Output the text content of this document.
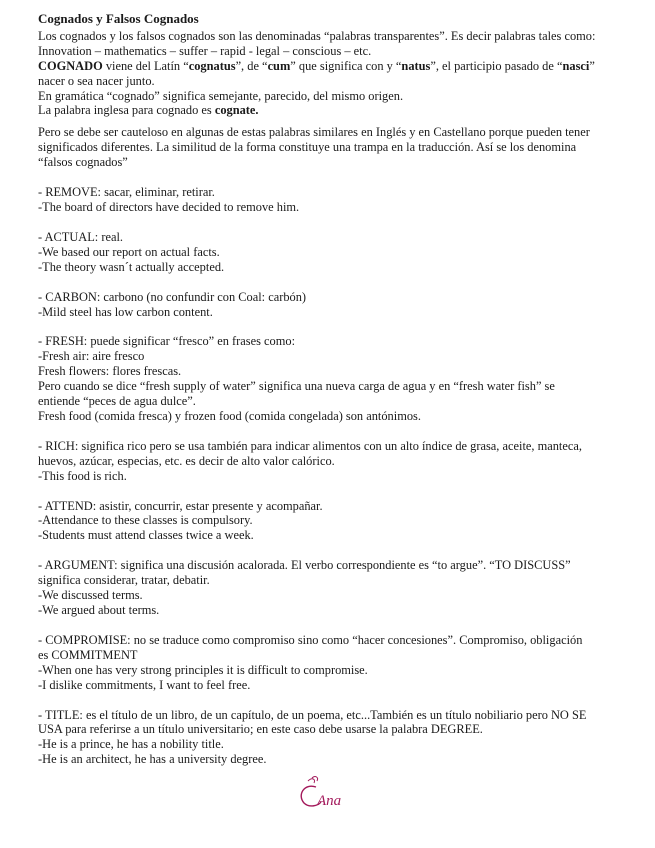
Cognados y Falsos Cognados
Los cognados y los falsos cognados son las denominadas “palabras transparentes”. Es decir palabras tales como:
Innovation – mathematics – suffer – rapid - legal – conscious – etc.
COGNADO viene del Latín “cognatus”, de “cum” que significa con y “natus”, el participio pasado de “nasci”
nacer o sea nacer junto.
En gramática “cognado” significa semejante, parecido, del mismo origen.
La palabra inglesa para cognado es cognate.
Pero se debe ser cauteloso en algunas de estas palabras similares en Inglés y en Castellano porque pueden tener
significados diferentes. La similitud de la forma constituye una trampa en la traducción. Así se los denomina
“falsos cognados”
- REMOVE: sacar, eliminar, retirar.
-The board of directors have decided to remove him.
- ACTUAL: real.
-We based our report on actual facts.
-The theory wasn´t actually accepted.
- CARBON: carbono (no confundir con Coal: carbón)
-Mild steel has low carbon content.
- FRESH: puede significar “fresco” en frases como:
-Fresh air: aire fresco
Fresh flowers: flores frescas.
Pero cuando se dice “fresh supply of water” significa una nueva carga de agua y en “fresh water fish” se
entiende “peces de agua dulce”.
Fresh food (comida fresca) y frozen food (comida congelada) son antónimos.
- RICH: significa rico pero se usa también para indicar alimentos con un alto índice de grasa, aceite, manteca,
huevos, azúcar, especias, etc. es decir de alto valor calórico.
-This food is rich.
- ATTEND: asistir, concurrir, estar presente y acompañar.
-Attendance to these classes is compulsory.
-Students must attend classes twice a week.
- ARGUMENT: significa una discusión acalorada. El verbo correspondiente es “to argue”. “TO DISCUSS”
significa considerar, tratar, debatir.
-We discussed terms.
-We argued about terms.
- COMPROMISE: no se traduce como compromiso sino como “hacer concesiones”. Compromiso, obligación
es COMMITMENT
-When one has very strong principles it is difficult to compromise.
-I dislike commitments, I want to feel free.
- TITLE: es el título de un libro, de un capítulo, de un poema, etc...También es un título nobiliario pero NO SE
USA para referirse a un título universitario; en este caso debe usarse la palabra DEGREE.
-He is a prince, he has a nobility title.
-He is an architect, he has a university degree.
Ana
